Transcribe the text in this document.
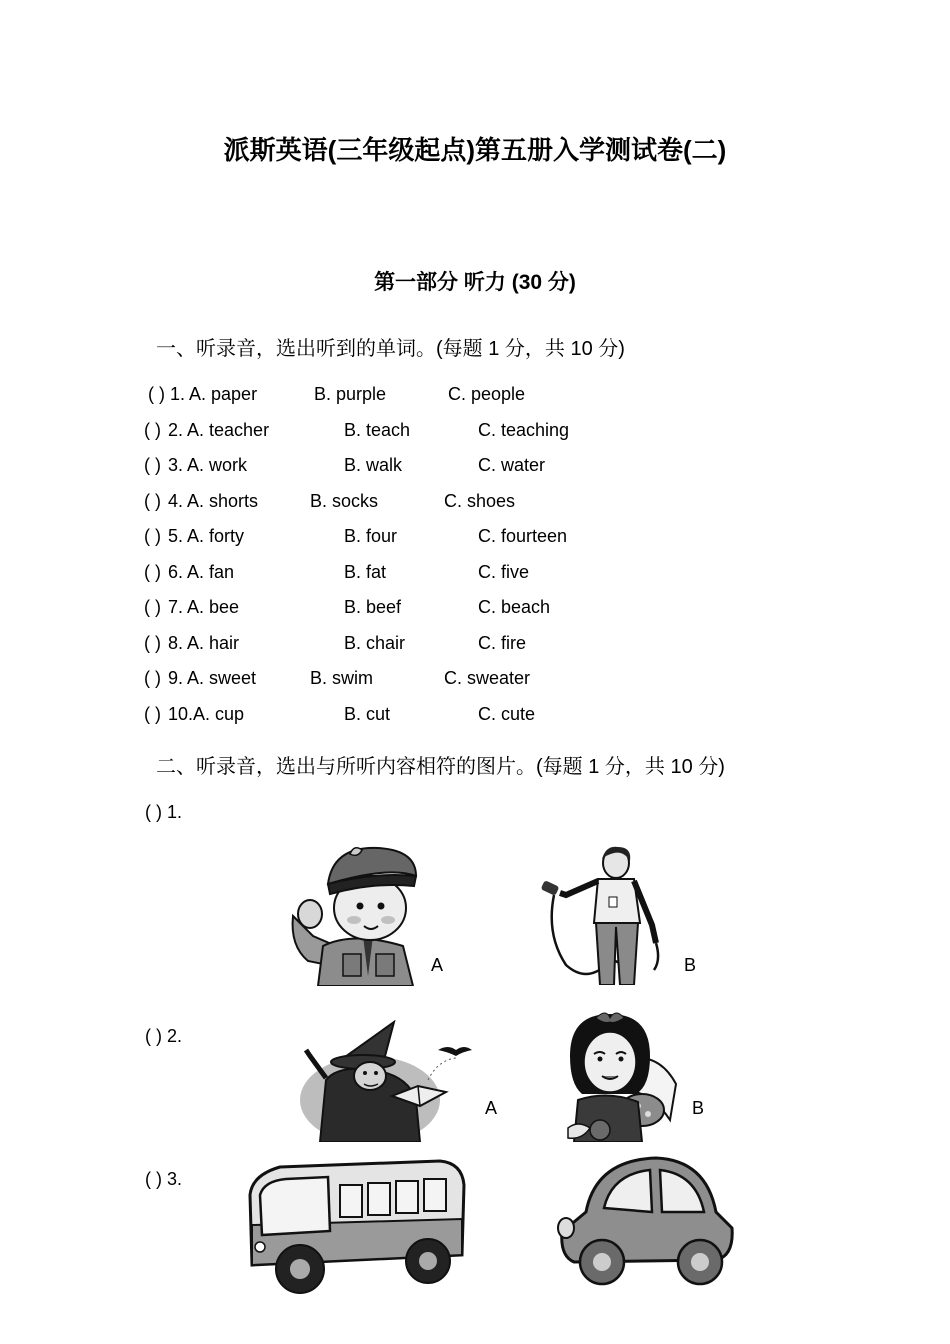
派斯英语(三年级起点)第五册入学测试卷(二)
第一部分 听力 (30 分)
一、听录音，选出听到的单词。(每题 1 分，共 10 分)
( ) 1. A. paper	B. purple	C. people
( ) 2. A. teacher	B. teach	C. teaching
( ) 3. A. work	B. walk	C. water
( ) 4. A. shorts	B. socks	C. shoes
( ) 5. A. forty	B. four	C. fourteen
( ) 6. A. fan	B. fat	C. five
( ) 7. A. bee	B. beef	C. beach
( ) 8. A. hair	B. chair	C. fire
( ) 9. A. sweet	B. swim	C. sweater
( ) 10.A. cup	B. cut	C. cute
二、听录音，选出与所听内容相符的图片。(每题 1 分，共 10 分)
( ) 1.
A	B
( ) 2.
A	B
( ) 3.
